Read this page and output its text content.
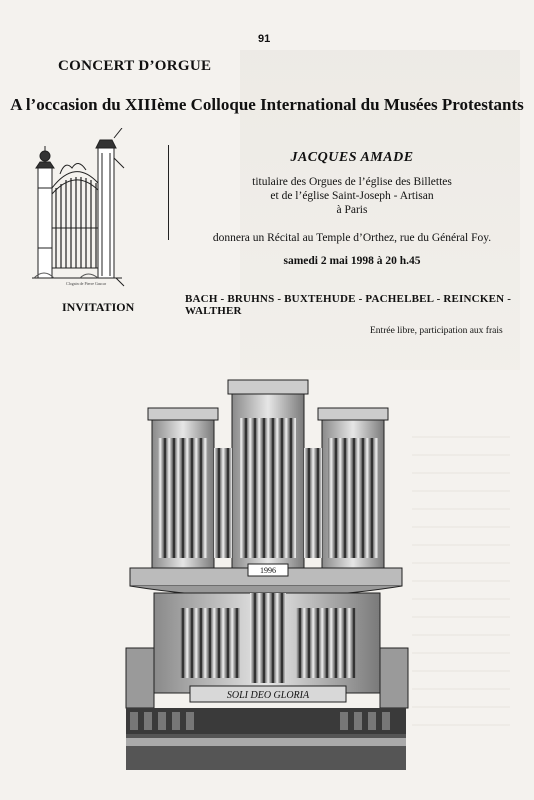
91
CONCERT D’ORGUE
A l’occasion du XIIIème Colloque International du Musées Protestants
Clogain de Pierre Gascar
JACQUES AMADE
titulaire des Orgues de l’église des Billettes
et de l’église Saint-Joseph - Artisan
à Paris
donnera un Récital au Temple d’Orthez, rue du Général Foy.
samedi 2 mai 1998 à 20 h.45
BACH - BRUHNS - BUXTEHUDE - PACHELBEL - REINCKEN - WALTHER
Entrée libre, participation aux frais
INVITATION
1996
SOLI DEO GLORIA
